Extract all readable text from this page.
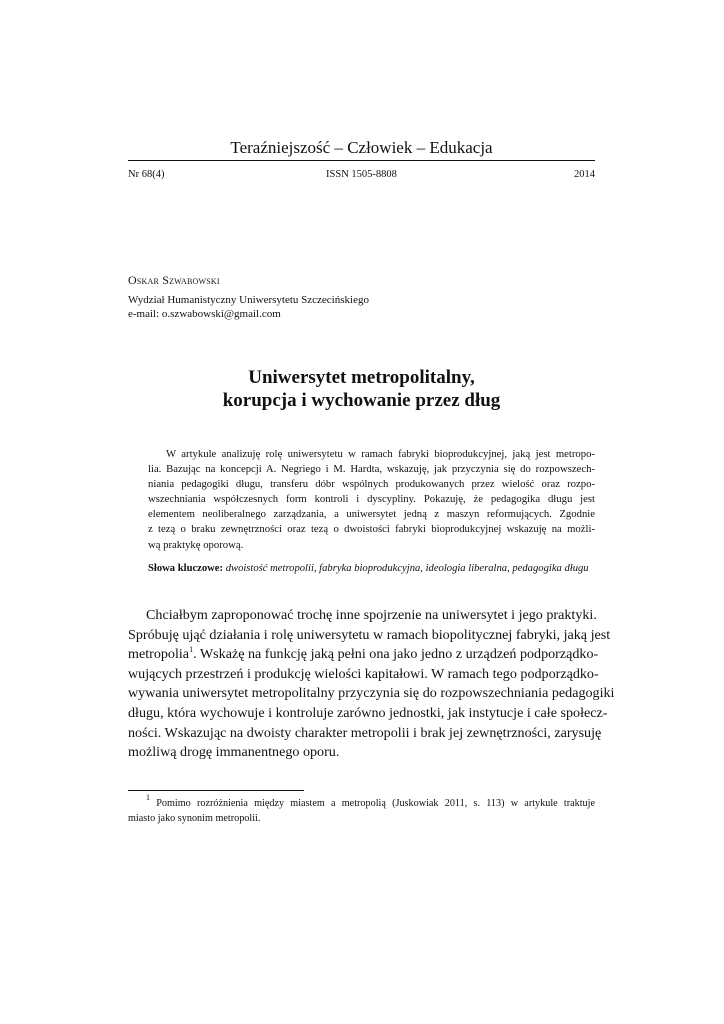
Teraźniejszość – Człowiek – Edukacja
Nr 68(4)	ISSN 1505-8808	2014
Oskar Szwabowski
Wydział Humanistyczny Uniwersytetu Szczecińskiego
e-mail: o.szwabowski@gmail.com
Uniwersytet metropolitalny,
korupcja i wychowanie przez dług
W artykule analizuję rolę uniwersytetu w ramach fabryki bioprodukcyjnej, jaką jest metropo-
lia. Bazując na koncepcji A. Negriego i M. Hardta, wskazuję, jak przyczynia się do rozpowszech-
niania pedagogiki długu, transferu dóbr wspólnych produkowanych przez wielość oraz rozpo-
wszechniania współczesnych form kontroli i dyscypliny. Pokazuję, że pedagogika długu jest
elementem neoliberalnego zarządzania, a uniwersytet jedną z maszyn reformujących. Zgodnie
z tezą o braku zewnętrzności oraz tezą o dwoistości fabryki bioprodukcyjnej wskazuję na możli-
wą praktykę oporową.
Słowa kluczowe: dwoistość metropolii, fabryka bioprodukcyjna, ideologia liberalna, pedagogika długu
Chciałbym zaproponować trochę inne spojrzenie na uniwersytet i jego praktyki.
Spróbuję ująć działania i rolę uniwersytetu w ramach biopolitycznej fabryki, jaką jest
metropolia$^1$. Wskażę na funkcję jaką pełni ona jako jedno z urządzeń podporządko-
wujących przestrzeń i produkcję wielości kapitałowi. W ramach tego podporządko-
wywania uniwersytet metropolitalny przyczynia się do rozpowszechniania pedagogiki
długu, która wychowuje i kontroluje zarówno jednostki, jak instytucje i całe społecz-
ności. Wskazując na dwoisty charakter metropolii i brak jej zewnętrzności, zarysuję
możliwą drogę immanentnego oporu.
$^1$ Pomimo rozróżnienia między miastem a metropolią (Juskowiak 2011, s. 113) w artykule traktuje
miasto jako synonim metropolii.
